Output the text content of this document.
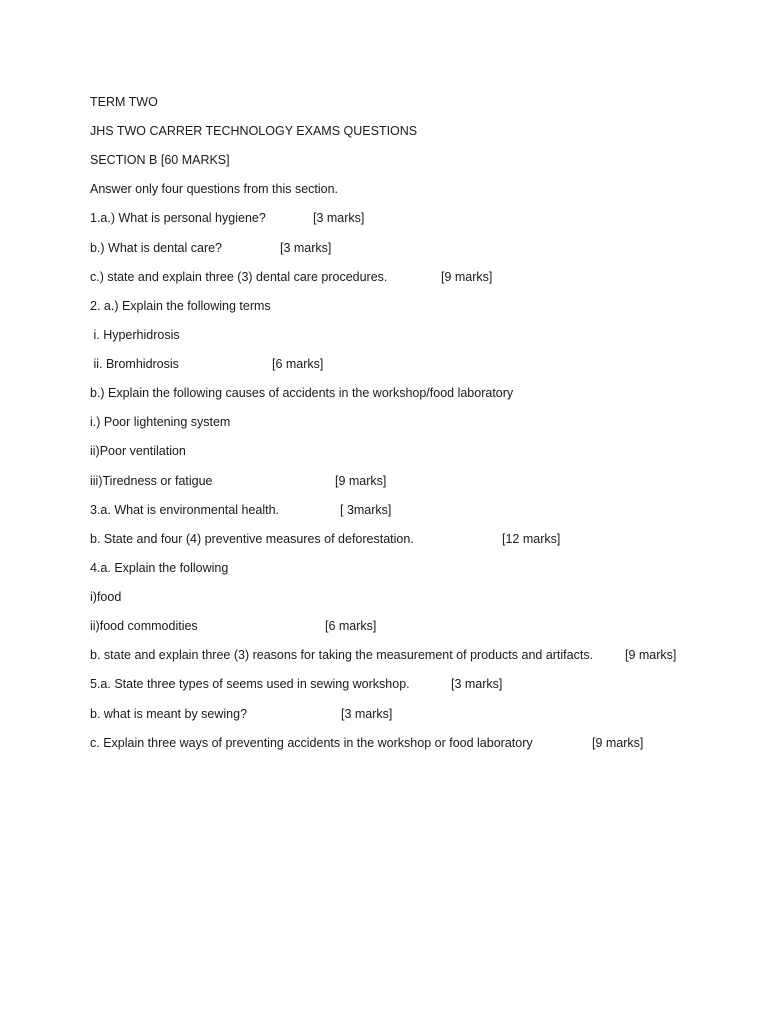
TERM TWO
JHS TWO CARRER TECHNOLOGY EXAMS QUESTIONS
SECTION B [60 MARKS]
Answer only four questions from this section.
1.a.) What is personal hygiene?	[3 marks]
b.) What is dental care?	[3 marks]
c.) state and explain three (3) dental care procedures.	[9 marks]
2. a.) Explain the following terms
i. Hyperhidrosis
ii. Bromhidrosis	[6 marks]
b.) Explain the following causes of accidents in the workshop/food laboratory
i.) Poor lightening system
ii)Poor ventilation
iii)Tiredness or fatigue	[9 marks]
3.a. What is environmental health.	[ 3marks]
b. State and four (4) preventive measures of deforestation.	[12 marks]
4.a. Explain the following
i)food
ii)food commodities	[6 marks]
b. state and explain three (3) reasons for taking the measurement of products and artifacts.	[9 marks]
5.a. State three types of seems used in sewing workshop.	[3 marks]
b. what is meant by sewing?	[3 marks]
c. Explain three ways of preventing accidents in the workshop or food laboratory	[9 marks]
